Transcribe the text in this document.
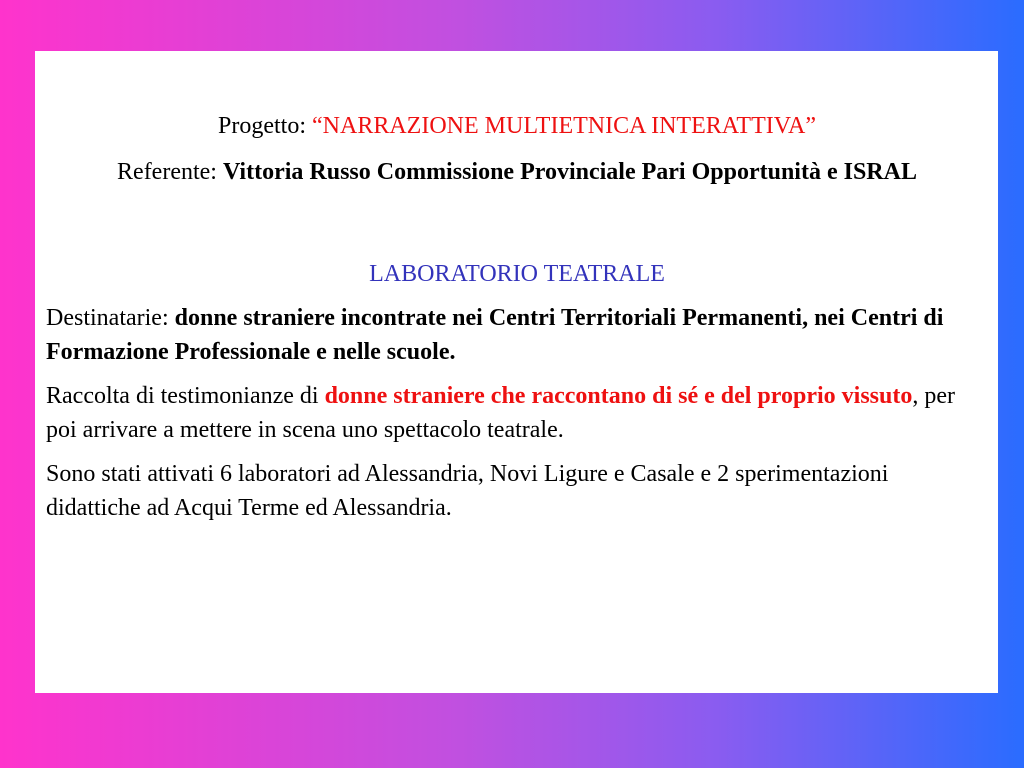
Progetto: “NARRAZIONE MULTIETNICA INTERATTIVA”

Referente: Vittoria Russo Commissione Provinciale Pari Opportunità e ISRAL

LABORATORIO TEATRALE

Destinatarie: donne straniere incontrate nei Centri Territoriali Permanenti, nei Centri di Formazione Professionale e nelle scuole.

Raccolta di testimonianze di donne straniere che raccontano di sé e del proprio vissuto, per poi arrivare a mettere in scena uno spettacolo teatrale.

Sono stati attivati 6 laboratori ad Alessandria, Novi Ligure e Casale e 2 sperimentazioni didattiche ad Acqui Terme ed Alessandria.
